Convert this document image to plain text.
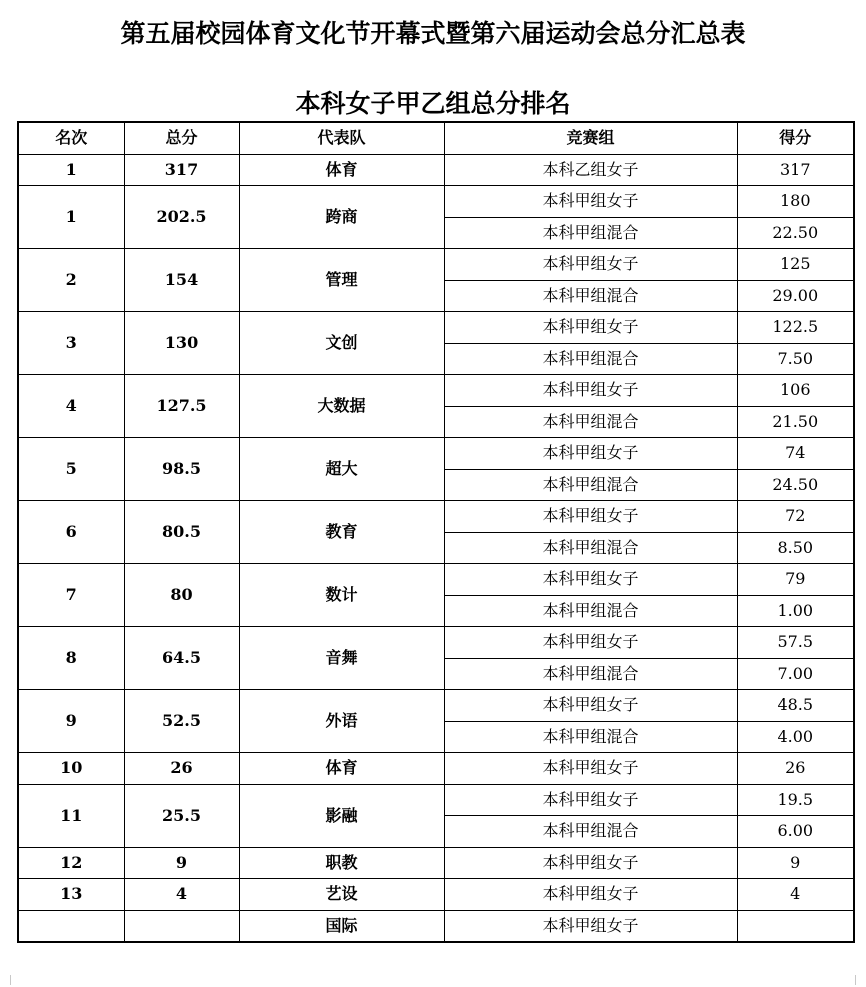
第五届校园体育文化节开幕式暨第六届运动会总分汇总表
本科女子甲乙组总分排名
名次	总分	代表队	竞赛组	得分
1	317	体育	本科乙组女子	317
1	202.5	跨商	本科甲组女子	180
			本科甲组混合	22.50
2	154	管理	本科甲组女子	125
			本科甲组混合	29.00
3	130	文创	本科甲组女子	122.5
			本科甲组混合	7.50
4	127.5	大数据	本科甲组女子	106
			本科甲组混合	21.50
5	98.5	超大	本科甲组女子	74
			本科甲组混合	24.50
6	80.5	教育	本科甲组女子	72
			本科甲组混合	8.50
7	80	数计	本科甲组女子	79
			本科甲组混合	1.00
8	64.5	音舞	本科甲组女子	57.5
			本科甲组混合	7.00
9	52.5	外语	本科甲组女子	48.5
			本科甲组混合	4.00
10	26	体育	本科甲组女子	26
11	25.5	影融	本科甲组女子	19.5
			本科甲组混合	6.00
12	9	职教	本科甲组女子	9
13	4	艺设	本科甲组女子	4
		国际	本科甲组女子	
